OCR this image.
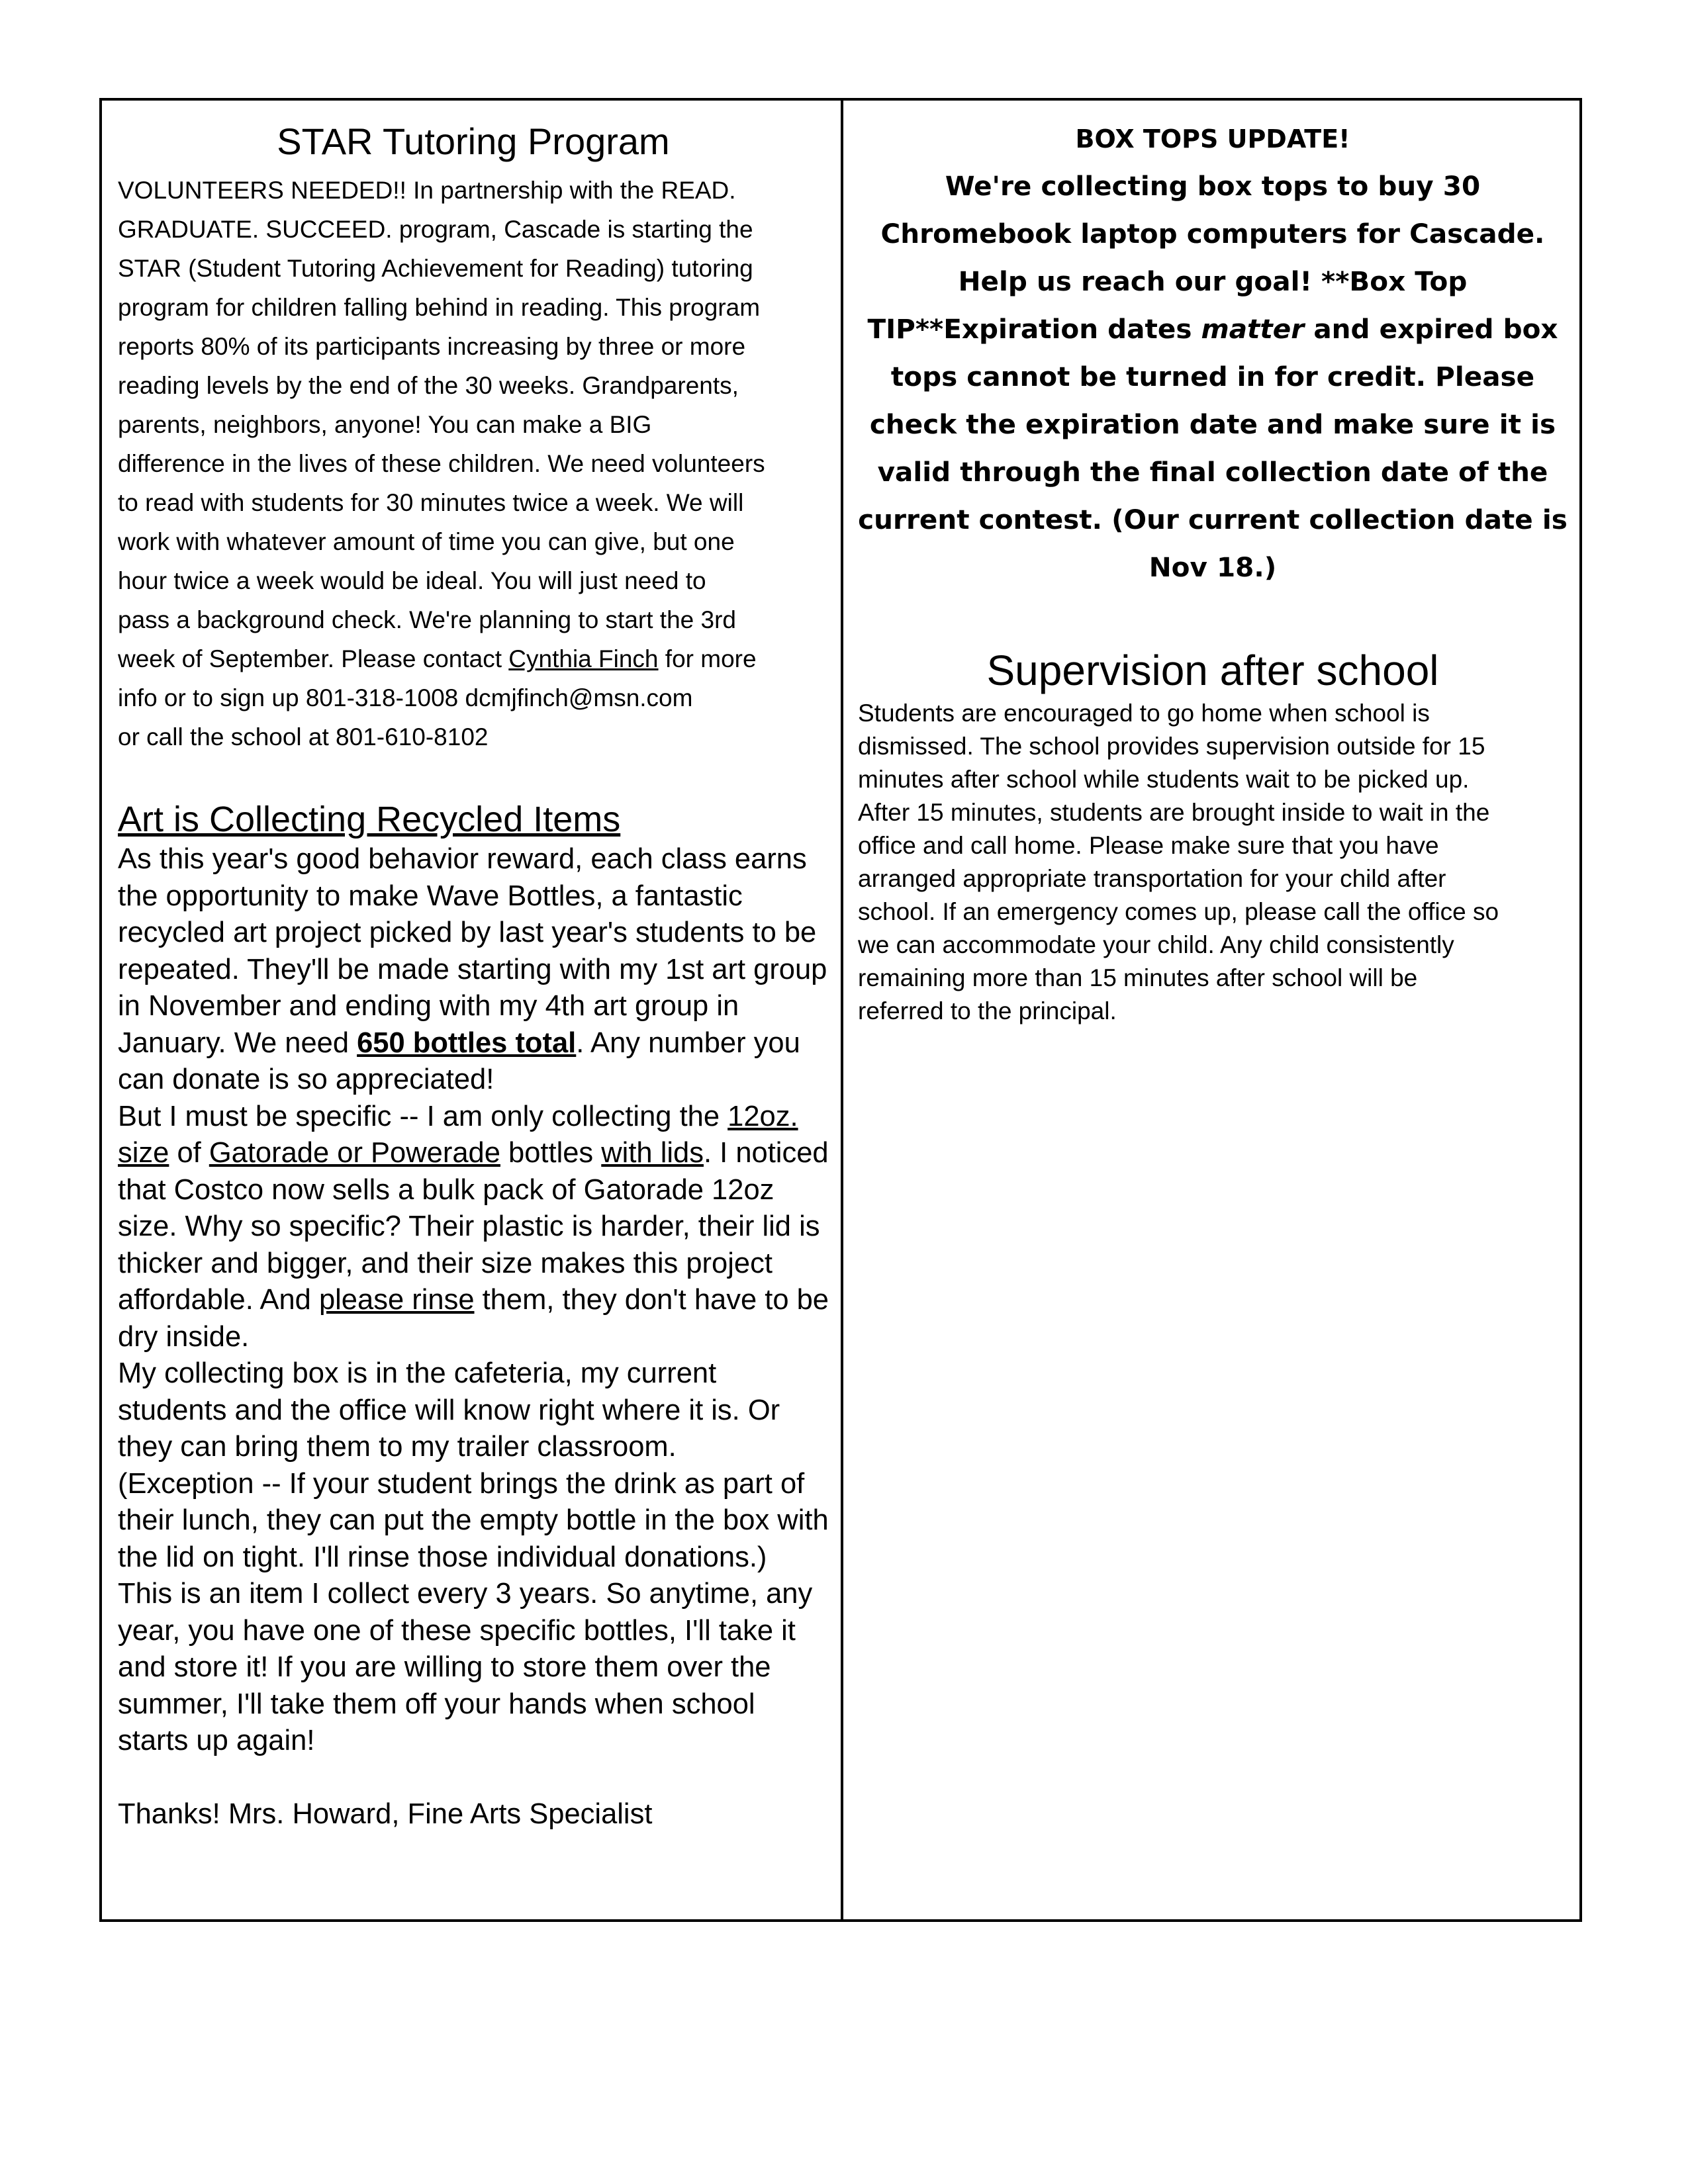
STAR Tutoring Program

VOLUNTEERS NEEDED!! In partnership with the READ.
GRADUATE. SUCCEED. program, Cascade is starting the
STAR (Student Tutoring Achievement for Reading) tutoring
program for children falling behind in reading. This program
reports 80% of its participants increasing by three or more
reading levels by the end of the 30 weeks. Grandparents,
parents, neighbors, anyone! You can make a BIG
difference in the lives of these children. We need volunteers
to read with students for 30 minutes twice a week. We will
work with whatever amount of time you can give, but one
hour twice a week would be ideal. You will just need to
pass a background check. We're planning to start the 3rd
week of September. Please contact Cynthia Finch for more
info or to sign up 801-318-1008 dcmjfinch@msn.com
or call the school at 801-610-8102

Art is Collecting Recycled Items
As this year's good behavior reward, each class earns the opportunity to make Wave Bottles, a fantastic recycled art project picked by last year's students to be repeated. They'll be made starting with my 1st art group in November and ending with my 4th art group in January. We need 650 bottles total. Any number you can donate is so appreciated!
But I must be specific -- I am only collecting the 12oz. size of Gatorade or Powerade bottles with lids. I noticed that Costco now sells a bulk pack of Gatorade 12oz size. Why so specific? Their plastic is harder, their lid is thicker and bigger, and their size makes this project affordable. And please rinse them, they don't have to be dry inside.
My collecting box is in the cafeteria, my current students and the office will know right where it is. Or they can bring them to my trailer classroom.
(Exception -- If your student brings the drink as part of their lunch, they can put the empty bottle in the box with the lid on tight. I'll rinse those individual donations.)
This is an item I collect every 3 years. So anytime, any year, you have one of these specific bottles, I'll take it and store it! If you are willing to store them over the summer, I'll take them off your hands when school starts up again!
Thanks! Mrs. Howard, Fine Arts Specialist
BOX TOPS UPDATE!

We're collecting box tops to buy 30 Chromebook laptop computers for Cascade. Help us reach our goal! **Box Top TIP**Expiration dates matter and expired box tops cannot be turned in for credit. Please check the expiration date and make sure it is valid through the final collection date of the current contest. (Our current collection date is Nov 18.)

Supervision after school

Students are encouraged to go home when school is
dismissed. The school provides supervision outside for 15
minutes after school while students wait to be picked up.
After 15 minutes, students are brought inside to wait in the
office and call home. Please make sure that you have
arranged appropriate transportation for your child after
school. If an emergency comes up, please call the office so
we can accommodate your child. Any child consistently
remaining more than 15 minutes after school will be
referred to the principal.
